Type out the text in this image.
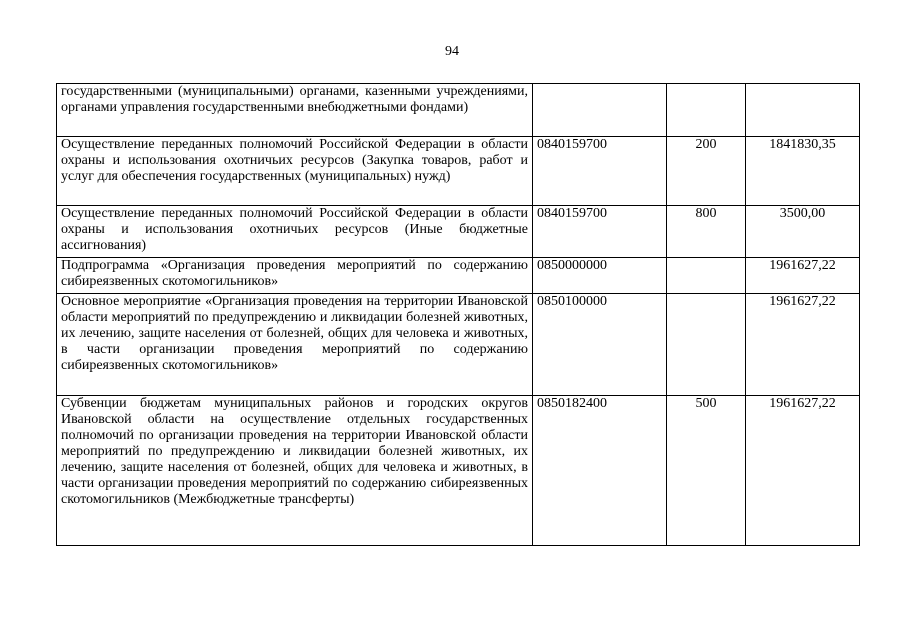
94
государственными (муниципальными) органами, казенными учреждениями, органами управления государственными внебюджетными фондами)			
Осуществление переданных полномочий Российской Федерации в области охраны и использования охотничьих ресурсов (Закупка товаров, работ и услуг для обеспечения государственных (муниципальных) нужд)	0840159700	200	1841830,35
Осуществление переданных полномочий Российской Федерации в области охраны и использования охотничьих ресурсов (Иные бюджетные ассигнования)	0840159700	800	3500,00
Подпрограмма «Организация проведения мероприятий по содержанию сибиреязвенных скотомогильников»	0850000000		1961627,22
Основное мероприятие «Организация проведения на территории Ивановской области мероприятий по предупреждению и ликвидации болезней животных, их лечению, защите населения от болезней, общих для человека и животных, в части организации проведения мероприятий по содержанию сибиреязвенных скотомогильников»	0850100000		1961627,22
Субвенции бюджетам муниципальных районов и городских округов Ивановской области на осуществление отдельных государственных полномочий по организации проведения на территории Ивановской области мероприятий по предупреждению и ликвидации болезней животных, их лечению, защите населения от болезней, общих для человека и животных, в части организации проведения мероприятий по содержанию сибиреязвенных скотомогильников (Межбюджетные трансферты)	0850182400	500	1961627,22
